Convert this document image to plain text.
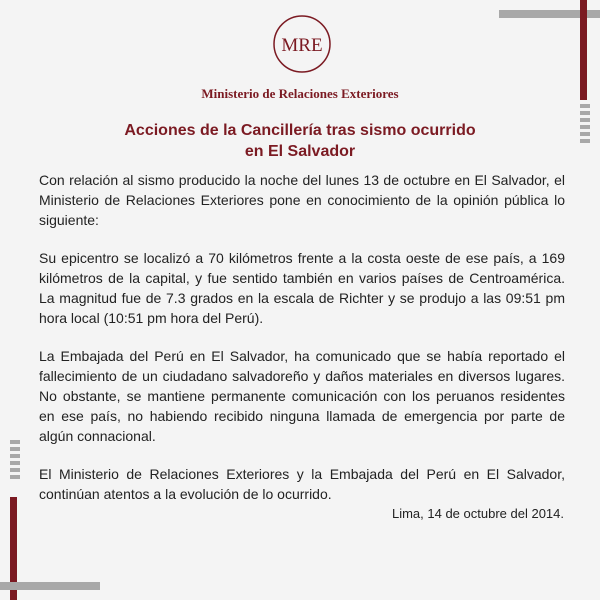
MRE
Ministerio de Relaciones Exteriores
Acciones de la Cancillería tras sismo ocurrido
en El Salvador

Con relación al sismo producido la noche del lunes 13 de octubre en El Salvador, el Ministerio de Relaciones Exteriores pone en conocimiento de la opinión pública lo siguiente:

Su epicentro se localizó a 70 kilómetros frente a la costa oeste de ese país, a 169 kilómetros de la capital, y fue sentido también en varios países de Centroamérica. La magnitud fue de 7.3 grados en la escala de Richter y se produjo a las 09:51 pm hora local (10:51 pm hora del Perú).

La Embajada del Perú en El Salvador, ha comunicado que se había reportado el fallecimiento de un ciudadano salvadoreño y daños materiales en diversos lugares. No obstante, se mantiene permanente comunicación con los peruanos residentes en ese país, no habiendo recibido ninguna llamada de emergencia por parte de algún connacional.

El Ministerio de Relaciones Exteriores y la Embajada del Perú en El Salvador, continúan atentos a la evolución de lo ocurrido.

Lima, 14 de octubre del 2014.
